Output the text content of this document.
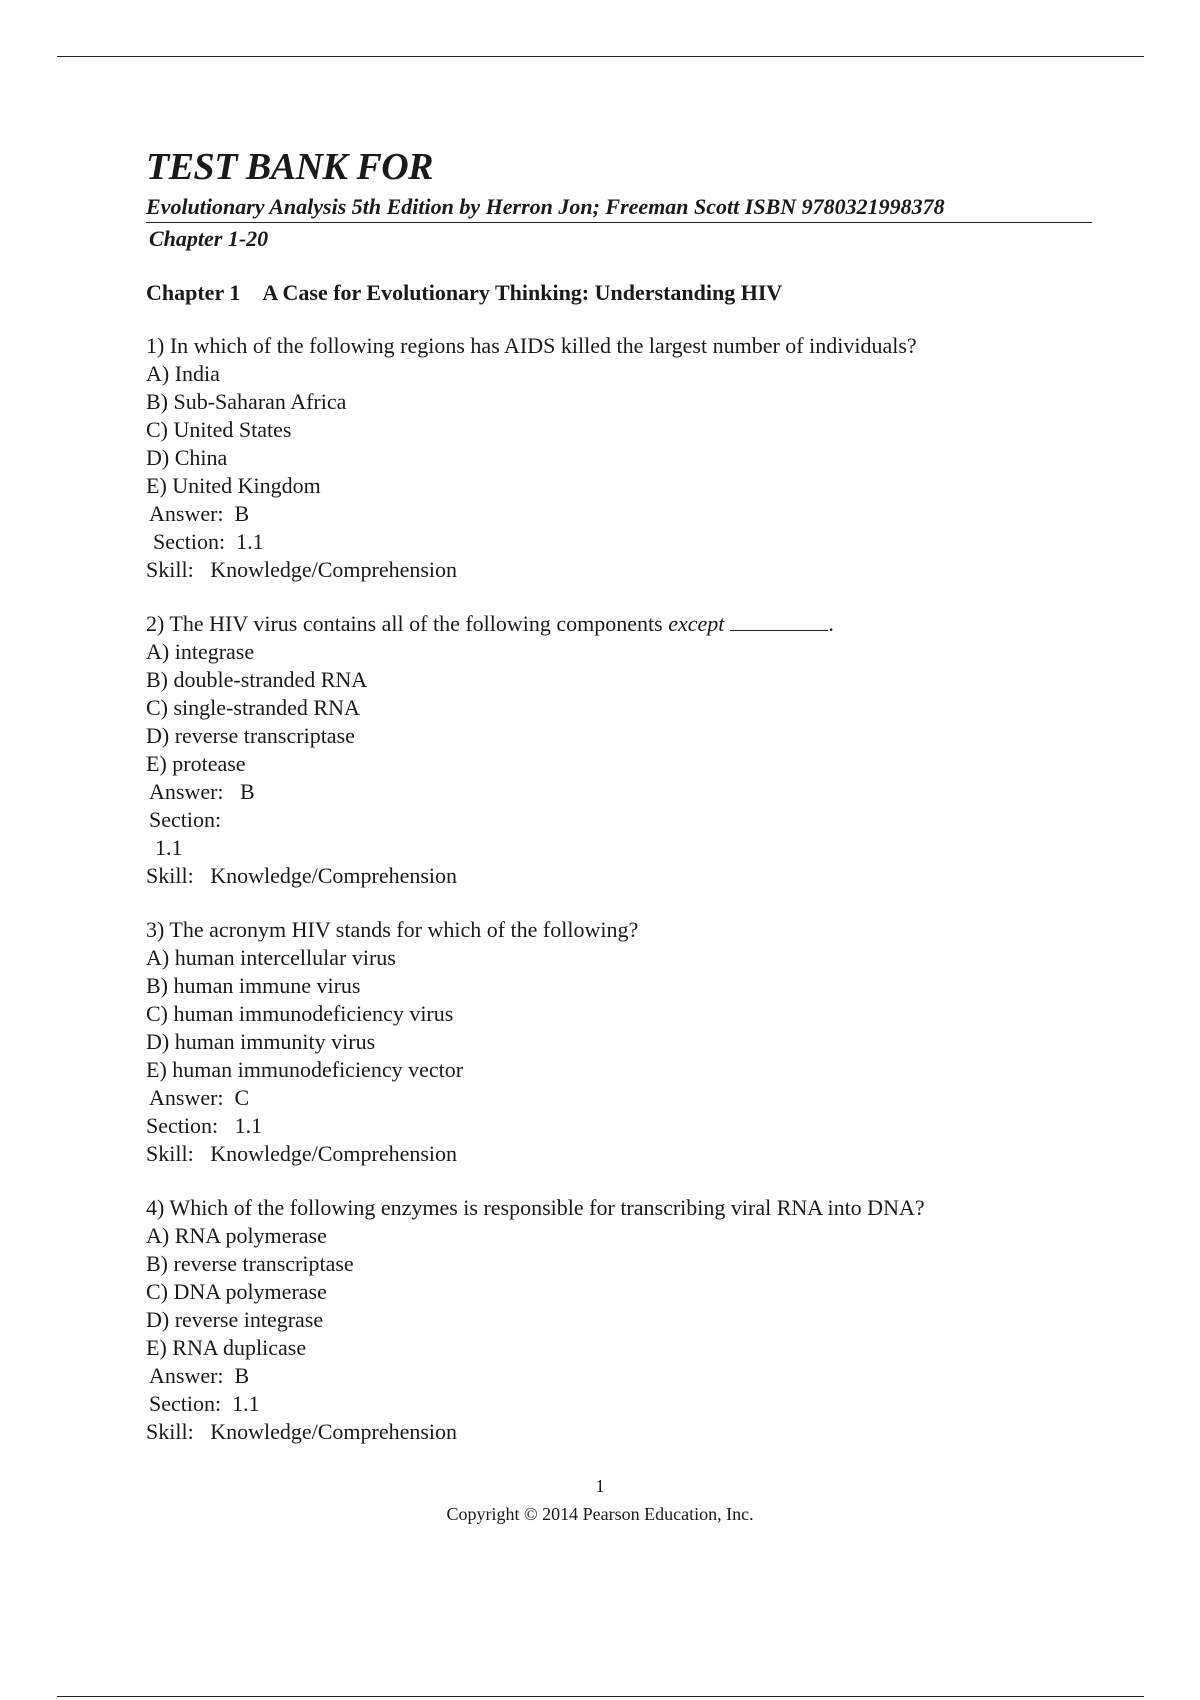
TEST BANK FOR
Evolutionary Analysis 5th Edition by Herron Jon; Freeman Scott ISBN 9780321998378
Chapter 1-20
Chapter 1 A Case for Evolutionary Thinking: Understanding HIV
1) In which of the following regions has AIDS killed the largest number of individuals?
A) India
B) Sub-Saharan Africa
C) United States
D) China
E) United Kingdom
Answer: B
Section: 1.1
Skill: Knowledge/Comprehension
2) The HIV virus contains all of the following components except	.
A) integrase
B) double-stranded RNA
C) single-stranded RNA
D) reverse transcriptase
E) protease
Answer: B
Section:
1.1
Skill: Knowledge/Comprehension
3) The acronym HIV stands for which of the following?
A) human intercellular virus
B) human immune virus
C) human immunodeficiency virus
D) human immunity virus
E) human immunodeficiency vector
Answer: C
Section: 1.1
Skill: Knowledge/Comprehension
4) Which of the following enzymes is responsible for transcribing viral RNA into DNA?
A) RNA polymerase
B) reverse transcriptase
C) DNA polymerase
D) reverse integrase
E) RNA duplicase
Answer: B
Section: 1.1
Skill: Knowledge/Comprehension
1
Copyright © 2014 Pearson Education, Inc.
